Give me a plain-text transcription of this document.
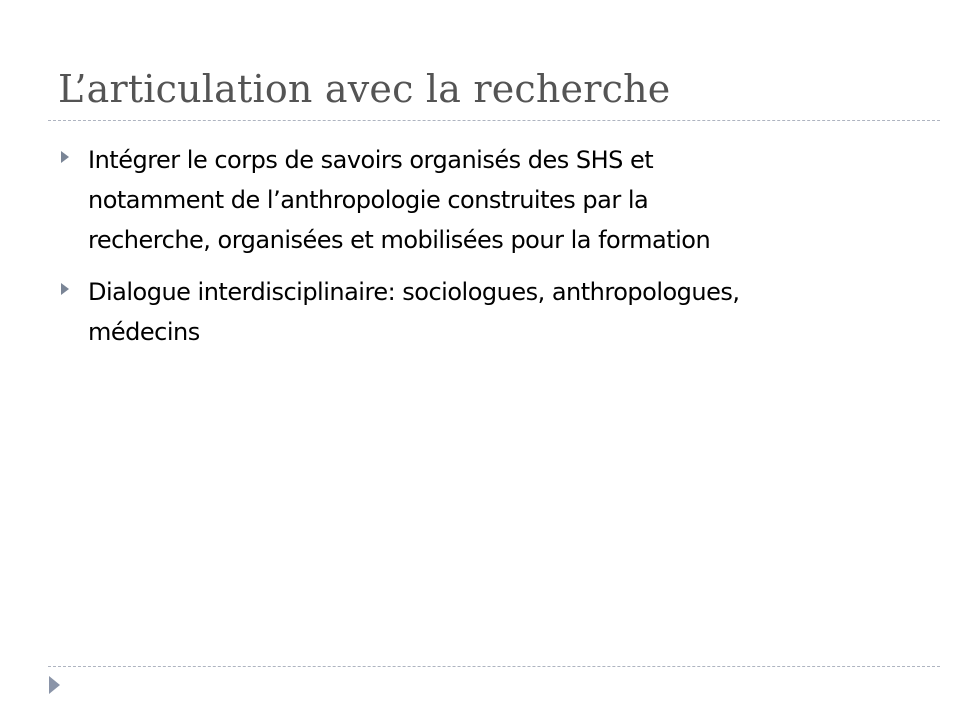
L’articulation avec la recherche
Intégrer le corps de savoirs organisés des SHS et
notamment de l’anthropologie construites par la
recherche, organisées et mobilisées pour la formation
Dialogue interdisciplinaire: sociologues, anthropologues,
médecins
